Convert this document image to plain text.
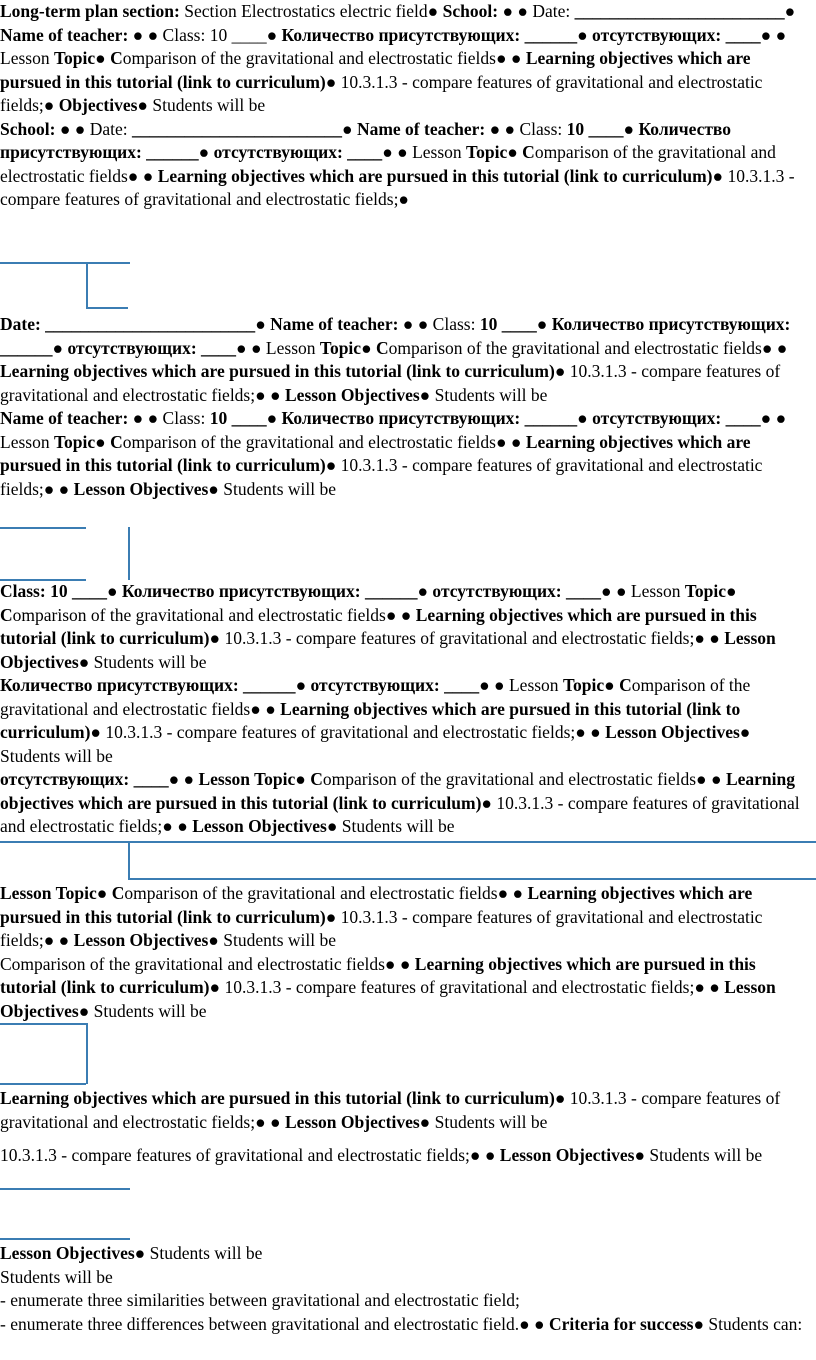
Long-term plan section: Section Electrostatics electric field● School: ● ● Date: ________________________● Name of teacher: ● ● Class: 10 ____● Количество присутствующих: ______● отсутствующих: ____● ● Lesson Topic● Comparison of the gravitational and electrostatic fields● ● Learning objectives which are pursued in this tutorial (link to curriculum)● 10.3.1.3 - compare features of gravitational and electrostatic fields;● Objectives● Students will be

School: ● ● Date: ________________________● Name of teacher: ● ● Class: 10 ____● Количество присутствующих: ______● отсутствующих: ____● ● Lesson Topic● Comparison of the gravitational and electrostatic fields● ● Learning objectives which are pursued in this tutorial (link to curriculum)● 10.3.1.3 - compare features of gravitational and electrostatic fields;●

Date: ________________________● Name of teacher: ● ● Class: 10 ____● Количество присутствующих: ______● отсутствующих: ____● ● Lesson Topic● Comparison of the gravitational and electrostatic fields● ● Learning objectives which are pursued in this tutorial (link to curriculum)● 10.3.1.3 - compare features of gravitational and electrostatic fields;● ● Lesson Objectives● Students will be

Name of teacher: ● ● Class: 10 ____● Количество присутствующих: ______● отсутствующих: ____● ● Lesson Topic● Comparison of the gravitational and electrostatic fields● ● Learning objectives which are pursued in this tutorial (link to curriculum)● 10.3.1.3 - compare features of gravitational and electrostatic fields;● ● Lesson Objectives● Students will be

Class: 10 ____● Количество присутствующих: ______● отсутствующих: ____● ● Lesson Topic● Comparison of the gravitational and electrostatic fields● ● Learning objectives which are pursued in this tutorial (link to curriculum)● 10.3.1.3 - compare features of gravitational and electrostatic fields;● ● Lesson Objectives● Students will be

Количество присутствующих: ______● отсутствующих: ____● ● Lesson Topic● Comparison of the gravitational and electrostatic fields● ● Learning objectives which are pursued in this tutorial (link to curriculum)● 10.3.1.3 - compare features of gravitational and electrostatic fields;● ● Lesson Objectives● Students will be

отсутствующих: ____● ● Lesson Topic● Comparison of the gravitational and electrostatic fields● ● Learning objectives which are pursued in this tutorial (link to curriculum)● 10.3.1.3 - compare features of gravitational and electrostatic fields;● ● Lesson Objectives● Students will be

Lesson Topic● Comparison of the gravitational and electrostatic fields● ● Learning objectives which are pursued in this tutorial (link to curriculum)● 10.3.1.3 - compare features of gravitational and electrostatic fields;● ● Lesson Objectives● Students will be

Comparison of the gravitational and electrostatic fields● ● Learning objectives which are pursued in this tutorial (link to curriculum)● 10.3.1.3 - compare features of gravitational and electrostatic fields;● ● Lesson Objectives● Students will be

Learning objectives which are pursued in this tutorial (link to curriculum)● 10.3.1.3 - compare features of gravitational and electrostatic fields;● ● Lesson Objectives● Students will be

10.3.1.3 - compare features of gravitational and electrostatic fields;● ● Lesson Objectives● Students will be

Lesson Objectives● Students will be

Students will be

- enumerate three similarities between gravitational and electrostatic field;

- enumerate three differences between gravitational and electrostatic field.● ● Criteria for success● Students can:
